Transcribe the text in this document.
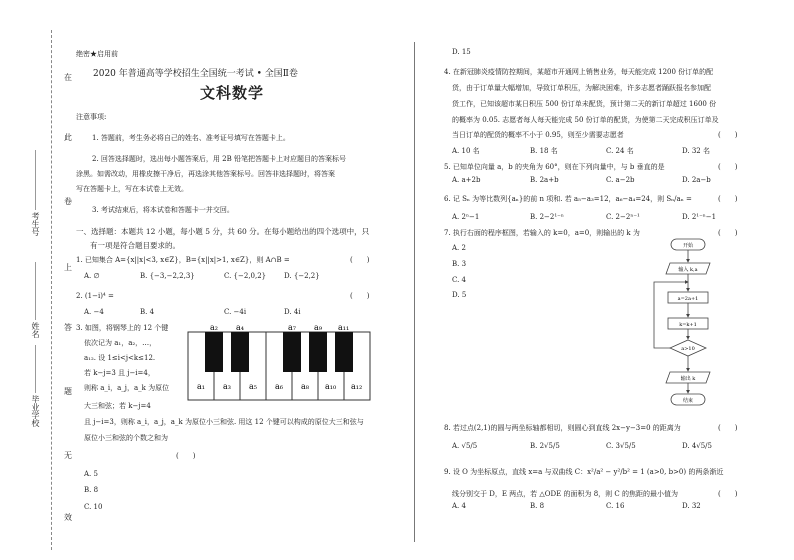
在
此
卷
上
答
题
无
效
考生号
姓名
毕业学校
绝密★启用前
2020 年普通高等学校招生全国统一考试 • 全国Ⅱ卷
文科数学
注意事项:
1. 答题前，考生务必将自己的姓名、准考证号填写在答题卡上。
2. 回答选择题时，选出每小题答案后，用 2B 铅笔把答题卡上对应题目的答案标号
涂黑。如需改动，用橡皮擦干净后，再选涂其他答案标号。回答非选择题时，将答案
写在答题卡上，写在本试卷上无效。
3. 考试结束后，将本试卷和答题卡一并交回。
一、选择题：本题共 12 小题，每小题 5 分，共 60 分。在每小题给出的四个选项中，只
有一项是符合题目要求的。
1. 已知集合 A={x||x|<3, x∈Z}，B={x||x|>1, x∈Z}，则 A∩B =	(　　)
A. ∅	B. {−3,−2,2,3}	C. {−2,0,2}	D. {−2,2}
2. (1−i)⁴ =	(　　)
A. −4	B. 4	C. −4i	D. 4i
3. 如图，将钢琴上的 12 个键
依次记为 a₁，a₂，…，
a₁₂. 设 1≤i<j<k≤12.
若 k−j=3 且 j−i=4，
则称 a_i，a_j，a_k 为原位
大三和弦；若 k−j=4
且 j−i=3，则称 a_i，a_j，a_k 为原位小三和弦. 用这 12 个键可以构成的原位大三和弦与
原位小三和弦的个数之和为
(　　)
A. 5
B. 8
C. 10
a₂ a₄	a₇ a₉ a₁₁
a₁ a₃ a₅ a₆ a₈ a₁₀ a₁₂
D. 15
4. 在新冠肺炎疫情防控期间，某超市开通网上销售业务，每天能完成 1200 份订单的配
货，由于订单量大幅增加，导致订单积压，为解决困难，许多志愿者踊跃报名参加配
货工作，已知该超市某日积压 500 份订单未配货，预计第二天的新订单超过 1600 份
的概率为 0.05. 志愿者每人每天能完成 50 份订单的配货，为使第二天完成积压订单及
当日订单的配货的概率不小于 0.95，则至少需要志愿者	(　　)
A. 10 名	B. 18 名	C. 24 名	D. 32 名
5. 已知单位向量 a，b 的夹角为 60°，则在下列向量中，与 b 垂直的是	(　　)
A. a+2b	B. 2a+b	C. a−2b	D. 2a−b
6. 记 Sₙ 为等比数列{aₙ}的前 n 项和. 若 a₅−a₃=12，a₆−a₄=24，则 Sₙ/aₙ =	(　　)
A. 2ⁿ−1	B. 2−2¹⁻ⁿ	C. 2−2ⁿ⁻¹	D. 2¹⁻ⁿ−1
7. 执行右面的程序框图，若输入的 k=0，a=0，则输出的 k 为	(　　)
A. 2
B. 3
C. 4
D. 5
开始
输入 k,a
a=2a+1
k=k+1
a>10
输出 k
结束
8. 若过点(2,1)的圆与两坐标轴都相切，则圆心到直线 2x−y−3=0 的距离为	(　　)
A. √5/5	B. 2√5/5	C. 3√5/5	D. 4√5/5
9. 设 O 为坐标原点，直线 x=a 与双曲线 C：x²/a² − y²/b² = 1 (a>0, b>0) 的两条渐近
线分别交于 D，E 两点，若 △ODE 的面积为 8，则 C 的焦距的最小值为	(　　)
A. 4	B. 8	C. 16	D. 32
